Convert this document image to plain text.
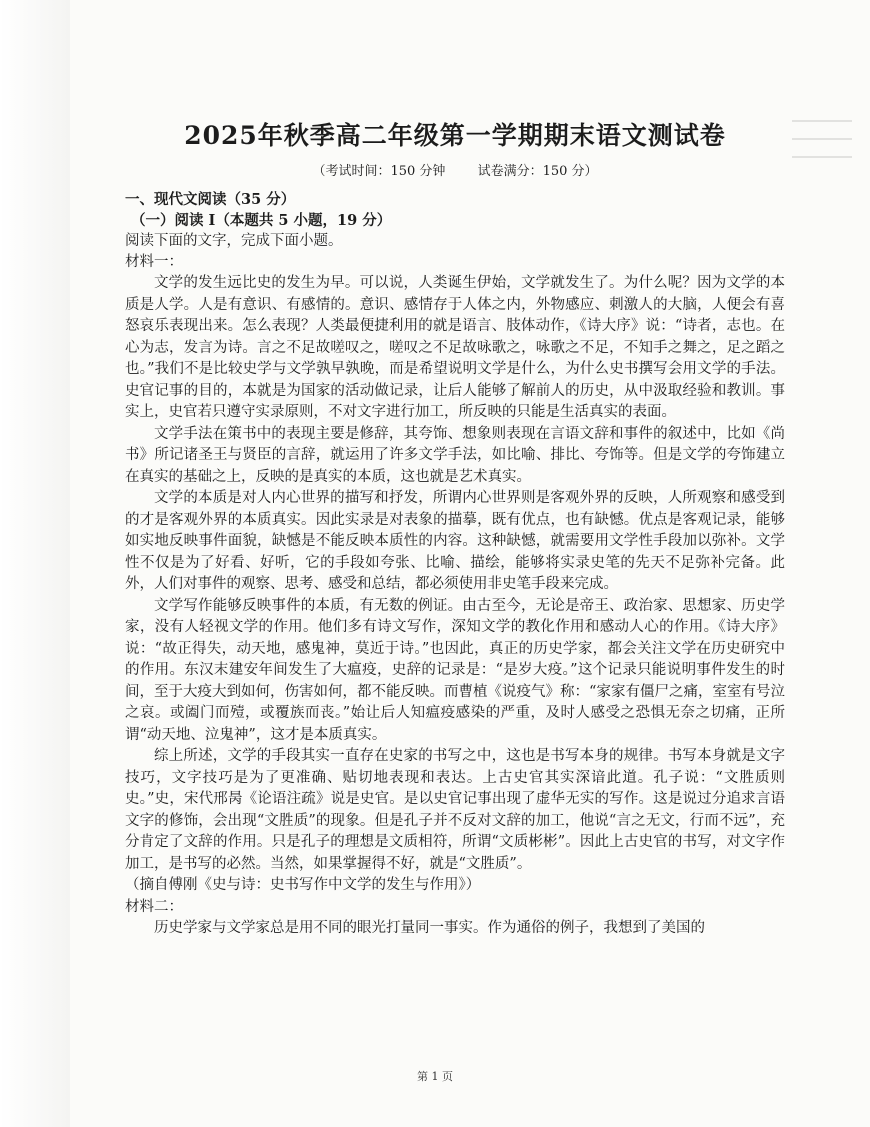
2025年秋季高二年级第一学期期末语文测试卷

（考试时间：150 分钟 试卷满分：150 分）

一、现代文阅读（35 分）

（一）阅读 I（本题共 5 小题，19 分）

阅读下面的文字，完成下面小题。

材料一：

文学的发生远比史的发生为早。可以说，人类诞生伊始，文学就发生了。为什么呢？因为文学的本质是人学。人是有意识、有感情的。意识、感情存于人体之内，外物感应、刺激人的大脑，人便会有喜怒哀乐表现出来。怎么表现？人类最便捷利用的就是语言、肢体动作，《诗大序》说：“诗者，志也。在心为志，发言为诗。言之不足故嗟叹之，嗟叹之不足故咏歌之，咏歌之不足，不知手之舞之，足之蹈之也。”我们不是比较史学与文学孰早孰晚，而是希望说明文学是什么，为什么史书撰写会用文学的手法。史官记事的目的，本就是为国家的活动做记录，让后人能够了解前人的历史，从中汲取经验和教训。事实上，史官若只遵守实录原则，不对文字进行加工，所反映的只能是生活真实的表面。

文学手法在策书中的表现主要是修辞，其夸饰、想象则表现在言语文辞和事件的叙述中，比如《尚书》所记诸圣王与贤臣的言辞，就运用了许多文学手法，如比喻、排比、夸饰等。但是文学的夸饰建立在真实的基础之上，反映的是真实的本质，这也就是艺术真实。

文学的本质是对人内心世界的描写和抒发，所谓内心世界则是客观外界的反映，人所观察和感受到的才是客观外界的本质真实。因此实录是对表象的描摹，既有优点，也有缺憾。优点是客观记录，能够如实地反映事件面貌，缺憾是不能反映本质性的内容。这种缺憾，就需要用文学性手段加以弥补。文学性不仅是为了好看、好听，它的手段如夸张、比喻、描绘，能够将实录史笔的先天不足弥补完备。此外，人们对事件的观察、思考、感受和总结，都必须使用非史笔手段来完成。

文学写作能够反映事件的本质，有无数的例证。由古至今，无论是帝王、政治家、思想家、历史学家，没有人轻视文学的作用。他们多有诗文写作，深知文学的教化作用和感动人心的作用。《诗大序》说：“故正得失，动天地，感鬼神，莫近于诗。”也因此，真正的历史学家，都会关注文学在历史研究中的作用。东汉末建安年间发生了大瘟疫，史辞的记录是：“是岁大疫。”这个记录只能说明事件发生的时间，至于大疫大到如何，伤害如何，都不能反映。而曹植《说疫气》称：“家家有僵尸之痛，室室有号泣之哀。或阖门而殪，或覆族而丧。”始让后人知瘟疫感染的严重，及时人感受之恐惧无奈之切痛，正所谓“动天地、泣鬼神”，这才是本质真实。

综上所述，文学的手段其实一直存在史家的书写之中，这也是书写本身的规律。书写本身就是文字技巧，文字技巧是为了更准确、贴切地表现和表达。上古史官其实深谙此道。孔子说：“文胜质则史。”史，宋代邢昺《论语注疏》说是史官。是以史官记事出现了虚华无实的写作。这是说过分追求言语文字的修饰，会出现“文胜质”的现象。但是孔子并不反对文辞的加工，他说“言之无文，行而不远”，充分肯定了文辞的作用。只是孔子的理想是文质相符，所谓“文质彬彬”。因此上古史官的书写，对文字作加工，是书写的必然。当然，如果掌握得不好，就是“文胜质”。

（摘自傅刚《史与诗：史书写作中文学的发生与作用》）

材料二：

历史学家与文学家总是用不同的眼光打量同一事实。作为通俗的例子，我想到了美国的

第 1 页
